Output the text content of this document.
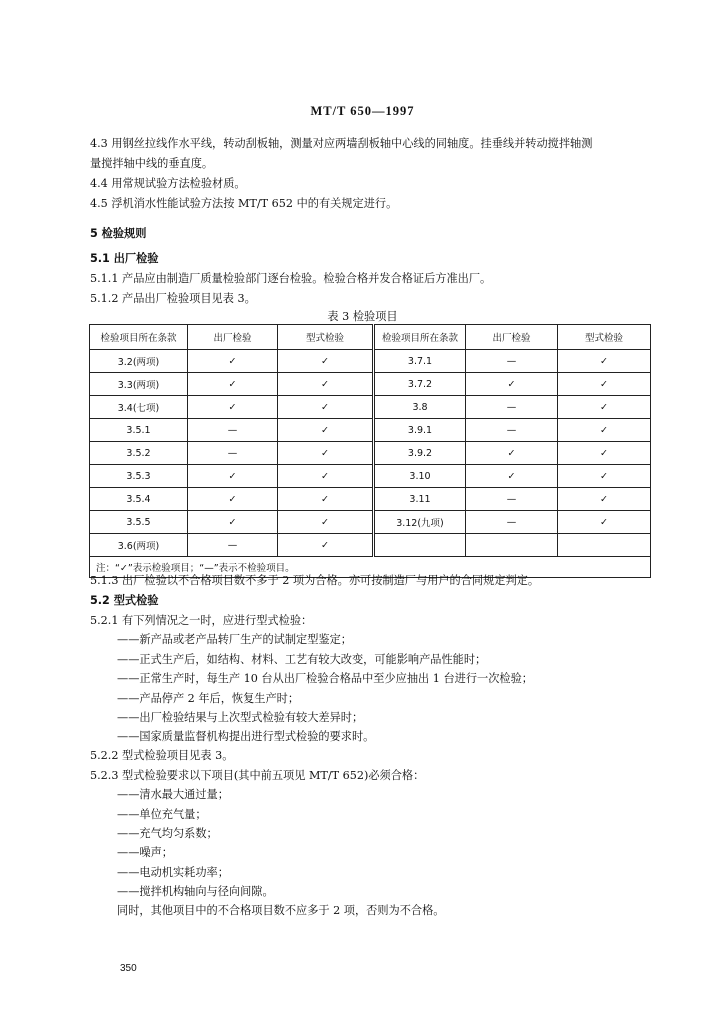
MT/T 650—1997
4.3 用钢丝拉线作水平线，转动刮板轴，测量对应两墙刮板轴中心线的同轴度。挂垂线并转动搅拌轴测
量搅拌轴中线的垂直度。
4.4 用常规试验方法检验材质。
4.5 浮机消水性能试验方法按 MT/T 652 中的有关规定进行。
5 检验规则
5.1 出厂检验
5.1.1 产品应由制造厂质量检验部门逐台检验。检验合格并发合格证后方准出厂。
5.1.2 产品出厂检验项目见表 3。
表 3 检验项目
检验项目所在条款	出厂检验	型式检验	检验项目所在条款	出厂检验	型式检验
3.2(两项)	✓	✓	3.7.1	—	✓
3.3(两项)	✓	✓	3.7.2	✓	✓
3.4(七项)	✓	✓	3.8	—	✓
3.5.1	—	✓	3.9.1	—	✓
3.5.2	—	✓	3.9.2	✓	✓
3.5.3	✓	✓	3.10	✓	✓
3.5.4	✓	✓	3.11	—	✓
3.5.5	✓	✓	3.12(九项)	—	✓
3.6(两项)	—	✓			
注：“✓”表示检验项目；“—”表示不检验项目。					
5.1.3 出厂检验以不合格项目数不多于 2 项为合格。亦可按制造厂与用户的合同规定判定。
5.2 型式检验
5.2.1 有下列情况之一时，应进行型式检验：
——新产品或老产品转厂生产的试制定型鉴定；
——正式生产后，如结构、材料、工艺有较大改变，可能影响产品性能时；
——正常生产时，每生产 10 台从出厂检验合格品中至少应抽出 1 台进行一次检验；
——产品停产 2 年后，恢复生产时；
——出厂检验结果与上次型式检验有较大差异时；
——国家质量监督机构提出进行型式检验的要求时。
5.2.2 型式检验项目见表 3。
5.2.3 型式检验要求以下项目(其中前五项见 MT/T 652)必须合格：
——清水最大通过量；
——单位充气量；
——充气均匀系数；
——噪声；
——电动机实耗功率；
——搅拌机构轴向与径向间隙。
同时，其他项目中的不合格项目数不应多于 2 项，否则为不合格。
350
